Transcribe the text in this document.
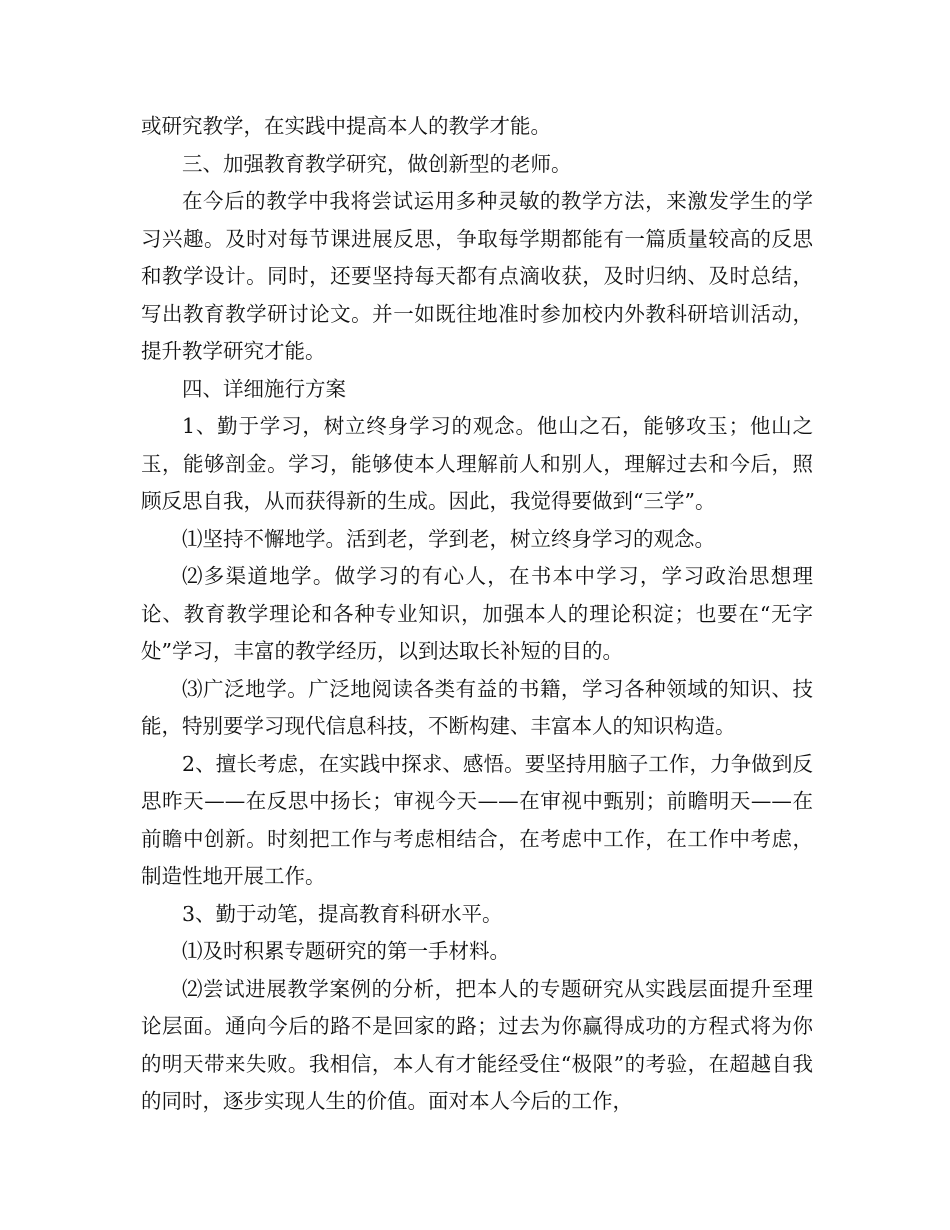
或研究教学，在实践中提高本人的教学才能。

三、加强教育教学研究，做创新型的老师。

在今后的教学中我将尝试运用多种灵敏的教学方法，来激发学生的学习兴趣。及时对每节课进展反思，争取每学期都能有一篇质量较高的反思和教学设计。同时，还要坚持每天都有点滴收获，及时归纳、及时总结，写出教育教学研讨论文。并一如既往地准时参加校内外教科研培训活动，提升教学研究才能。

四、详细施行方案

1、勤于学习，树立终身学习的观念。他山之石，能够攻玉；他山之玉，能够剖金。学习，能够使本人理解前人和别人，理解过去和今后，照顾反思自我，从而获得新的生成。因此，我觉得要做到“三学”。

⑴坚持不懈地学。活到老，学到老，树立终身学习的观念。

⑵多渠道地学。做学习的有心人，在书本中学习，学习政治思想理论、教育教学理论和各种专业知识，加强本人的理论积淀；也要在“无字处”学习，丰富的教学经历，以到达取长补短的目的。

⑶广泛地学。广泛地阅读各类有益的书籍，学习各种领域的知识、技能，特别要学习现代信息科技，不断构建、丰富本人的知识构造。

2、擅长考虑，在实践中探求、感悟。要坚持用脑子工作，力争做到反思昨天——在反思中扬长；审视今天——在审视中甄别；前瞻明天——在前瞻中创新。时刻把工作与考虑相结合，在考虑中工作，在工作中考虑，制造性地开展工作。

3、勤于动笔，提高教育科研水平。

⑴及时积累专题研究的第一手材料。

⑵尝试进展教学案例的分析，把本人的专题研究从实践层面提升至理论层面。通向今后的路不是回家的路；过去为你赢得成功的方程式将为你的明天带来失败。我相信，本人有才能经受住“极限”的考验，在超越自我的同时，逐步实现人生的价值。面对本人今后的工作，
